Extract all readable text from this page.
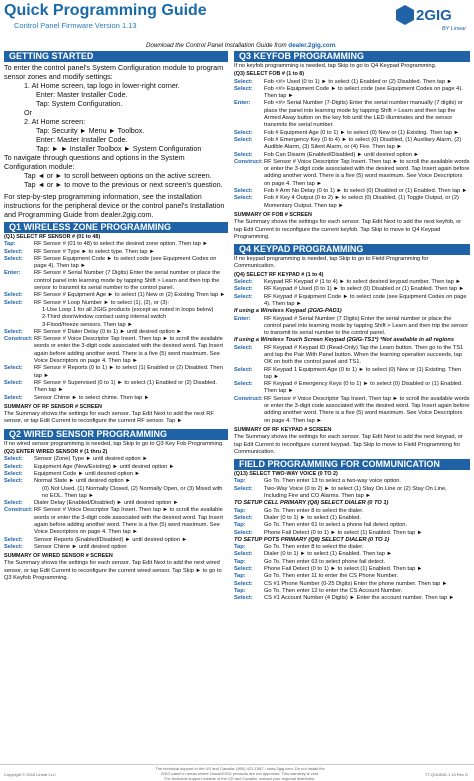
Quick Programming Guide
Control Panel Firmware Version 1.13
2GIG
BY Linear
Download the Control Panel Installation Guide from dealer.2gig.com.
GETTING STARTED
To enter the control panel's System Configuration module to program sensor zones and modify settings:
1. At Home screen, tap logo in lower-right corner.
Enter: Master Installer Code.
Tap: System Configuration.
Or
2. At Home screen:
Tap: Security ► Menu ► Toolbox.
Enter: Master Installer Code.
Tap: ► ► Installer Toolbox ► System Configuration
To navigate through questions and options in the System Configuration module:
Tap ◄ or ► to scroll between options on the active screen.
Tap ◄ or ► to move to the previous or next screen's question.
For step-by-step programming information, see the installation instructions for the peripheral device or the control panel's Installation and Programming Guide from dealer.2gig.com.
Q1 WIRELESS ZONE PROGRAMMING
(Q1) SELECT RF SENSOR # (01 to 48)
Tap:	RF Sensor # (01 to 48) to select the desired zone option. Then tap ►
Select:	RF Sensor # Type ► to select type. Then tap ►
Select:	RF Sensor Equipment Code ► to select code (see Equipment Codes on page 4). Then tap ►
Enter:	RF Sensor # Serial Number (7 Digits) Enter the serial number or place the control panel into learning mode by tapping Shift > Learn and then trip the sensor to transmit its serial number to the control panel.
Select:	RF Sensor # Equipment Age ► to select (1) New or (2) Existing Then tap ►
Select:	RF Sensor # Loop Number ► to select (1), (2), or (3):
1-Use Loop 1 for all 2GIG products (except as noted in loops below)
2-Third door/window contact using internal switch
3-Flood/freeze sensors. Then tap ►
Select:	RF Sensor # Dialer Delay (0 to 1) ► until desired option ►
Construct: RF Sensor # Voice Descriptor Tap Insert. Then tap ► to scroll the available words or enter the 3-digit code associated with the desired word. Tap Insert again before adding another word. There is a five (5) word maximum. See Voice Descriptors on page 4. Then tap ►
Select:	RF Sensor # Reports (0 to 1) ► to select (1) Enabled or (2) Disabled. Then tap ►
Select:	RF Sensor # Supervised (0 to 1) ► to select (1) Enabled or (2) Disabled. Then tap ►
Select:	Sensor Chime ► to select chime. Then tap ►
SUMMARY OF RF SENSOR # SCREEN
The Summary shows the settings for each sensor. Tap Edit Next to add the next RF sensor, or tap Edit Current to reconfigure the current RF sensor. Tap ►
Q2 WIRED SENSOR PROGRAMMING
If no wired sensor programming is needed, tap Skip to go to Q3 Key Fob Programming.
(Q2) ENTER WIRED SENSOR # (1 thru 2)
Select:	Sensor (Zone) Type ► until desired option ►
Select:	Equipment Age (New/Existing) ► until desired option ►
Select:	Equipment Code ► until desired option ►
Select:	Normal State ► until desired option ►
(0) Not Used, (1) Normally Closed, (2) Normally Open, or (3) Mixed with no EOL. Then tap ►
Select:	Dialer Delay (Enabled/Disabled) ► until desired option ►
Construct: RF Sensor # Voice Descriptor Tap Insert. Then tap ► to scroll the available words or enter the 3-digit code associated with the desired word. Tap Insert again before adding another word. There is a five (5) word maximum. See Voice Descriptors on page 4. Then tap ►
Select:	Sensor Reports (Enabled/Disabled) ► until desired option ►
Select:	Sensor Chime ► until desired option
SUMMARY OF WIRED SENSOR # SCREEN
The Summary shows the settings for each sensor. Tap Edit Next to add the next wired sensor, or tap Edit Current to reconfigure the current wired sensor. Tap Skip ► to go to Q3 Keyfob Programming.
Q3 KEYFOB PROGRAMMING
If no keyfob programming is needed, tap Skip to go to Q4 Keypad Programming.
(Q3) SELECT FOB # (1 to 8)
Select:	Fob <#> Used (0 to 1) ► to select (1) Enabled or (2) Disabled. Then tap ►
Select:	Fob <#> Equipment Code ► to select code (see Equipment Codes on page 4). Then tap ►
Enter:	Fob <#> Serial Number (7-Digits) Enter the serial number manually (7 digits) or place the panel into learning mode by tapping Shift > Learn and then tap the Armed Away button on the key fob until the LED illuminates and the sensor transmits the serial number.
Select:	Fob # Equipment Age (0 to 1) ► to select (0) New or (1) Existing. Then tap ►
Select:	Fob # Emergency Key (0 to 4) ► to select (0) Disabled, (1) Auxiliary Alarm, (2) Audible Alarm, (3) Silent Alarm, or (4) Fire. Then tap ►
Select:	Fob Can Disarm (Enabled/Disabled) ► until desired option ►
Construct: RF Sensor # Voice Descriptor Tap Insert. Then tap ► to scroll the available words or enter the 3-digit code associated with the desired word. Tap Insert again before adding another word. There is a five (5) word maximum. See Voice Descriptors on page 4. Then tap ►
Select:	Fob # Arm No Delay (0 to 1) ► to select (0) Disabled or (1) Enabled. Then tap ►
Select:	Fob # Key 4 Output (0 to 2) ► to select (0) Disabled, (1) Toggle Output, or (2) Momentary Output. Then tap ►
SUMMARY OF FOB # SCREEN
The Summary shows the settings for each sensor. Tap Edit Next to add the next keyfob, or tap Edit Current to reconfigure the current keyfob. Tap Skip to move to Q4 Keypad Programming.
Q4 KEYPAD PROGRAMMING
If no keypad programming is needed, tap Skip to go to Field Programming for Communication.
(Q4) SELECT RF KEYPAD # (1 to 4)
Select:	Keypad RF Keypad # (1 to 4) ► to select desired keypad number. Then tap ►
Select:	RF Keypad # Used (0 to 1) ► to select (0) Disabled or (1) Enabled. Then tap ►
Select:	RF Keypad # Equipment Code ► to select code (see Equipment Codes on page 4). Then tap ►
If using a Wireless Keypad (2GIG-PAD1)
Enter:	RF Keypad # Serial Number (7 Digits) Enter the serial number or place the control panel into learning mode by tapping Shift > Learn and then trip the sensor to transmit its serial number to the control panel.
If using a Wireless Touch Screen Keypad (2GIG-TS1*) *Not available in all regions
Select:	RF Keypad # Keypad ID (Read-Only) Tap the Learn button. Then go to the TS1 and tap the Pair With Panel button. When the learning operation succeeds, tap OK on both the control panel and TS1.
Select:	RF Keypad 1 Equipment Age (0 to 1) ► to select (0) New or (1) Existing. Then tap ►
Select:	RF Keypad # Emergency Keys (0 to 1) ► to select (0) Disabled or (1) Enabled. Then tap ►
Construct: RF Sensor # Voice Descriptor Tap Insert. Then tap ► to scroll the available words or enter the 3-digit code associated with the desired word. Tap Insert again before adding another word. There is a five (5) word maximum. See Voice Descriptors on page 4. Then tap ►
SUMMARY OF RF KEYPAD # SCREEN
The Summary shows the settings for each sensor. Tap Edit Next to add the next keypad, or tap Edit Current to reconfigure current keypad. Tap Skip to move to Field Programming for Communication.
FIELD PROGRAMMING FOR COMMUNICATION
(Q13) SELECT TWO-WAY VOICE (0 TO 2)
Tap:	Go To. Then enter 13 to select a two-way voice option.
Select:	Two-Way Voice (0 to 2) ► to select (1) Stay On Line or (2) Stay On Line, Including Fire and CO Alarms. Then tap ►
TO SETUP CELL PRIMARY (Q8) SELECT DIALER (0 TO 1)
Tap:	Go To. Then enter 8 to select the dialer.
Select:	Dialer (0 to 1) ► to select (1) Enabled.
Tap:	Go To. Then enter 61 to select a phone fail detect option.
Select:	Phone Fail Detect (0 to 1) ► to select (1) Enabled. Then tap ►
TO SETUP POTS PRIMARY (Q8) SELECT DIALER (0 TO 1)
Tap:	Go To. Then enter 8 to select the dialer.
Select:	Dialer (0 to 1) ► to select (1) Enabled. Then tap ►
Tap:	Go To. Then enter 63 to select phone fail detect.
Select:	Phone Fail Detect (0 to 1) ► to select (1) Enabled. Then tap ►
Tap:	Go To. Then enter 11 to enter the CS Phone Number.
Select:	CS #1 Phone Number (0-25 Digits) Enter the phone number. Then tap ►
Tap:	Go To. Then enter 12 to enter the CS Account Number.
Select:	CS #1 Account Number (4 Digits) ► Enter the account number. Then tap ►
Copyright © 2016 Linear LLC
The technical support in the US and Canada: (800) 421-1587 / www.2gig.com. Do not install the
2GIG panel in areas where Linear/2GIG products are not approved. This warranty is void.
For technical support outside of the US and Canada, contact your regional distributor.
TT-QGUIDE-1.13 Rev D
